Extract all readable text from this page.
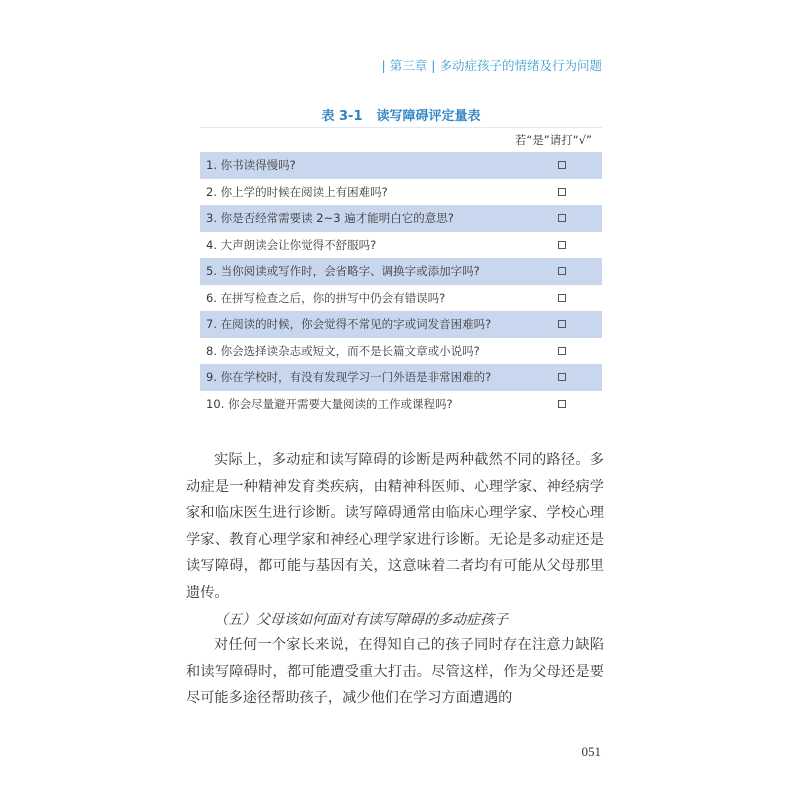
| 第三章 | 多动症孩子的情绪及行为问题
表 3-1 读写障碍评定量表
若“是”请打“√”
1. 你书读得慢吗?
2. 你上学的时候在阅读上有困难吗?
3. 你是否经常需要读 2~3 遍才能明白它的意思?
4. 大声朗读会让你觉得不舒服吗?
5. 当你阅读或写作时，会省略字、调换字或添加字吗?
6. 在拼写检查之后，你的拼写中仍会有错误吗?
7. 在阅读的时候，你会觉得不常见的字或词发音困难吗?
8. 你会选择读杂志或短文，而不是长篇文章或小说吗?
9. 你在学校时，有没有发现学习一门外语是非常困难的?
10. 你会尽量避开需要大量阅读的工作或课程吗?

实际上，多动症和读写障碍的诊断是两种截然不同的路径。多动症是一种精神发育类疾病，由精神科医师、心理学家、神经病学家和临床医生进行诊断。读写障碍通常由临床心理学家、学校心理学家、教育心理学家和神经心理学家进行诊断。无论是多动症还是读写障碍，都可能与基因有关，这意味着二者均有可能从父母那里遗传。

（五）父母该如何面对有读写障碍的多动症孩子

对任何一个家长来说，在得知自己的孩子同时存在注意力缺陷和读写障碍时，都可能遭受重大打击。尽管这样，作为父母还是要尽可能多途径帮助孩子，减少他们在学习方面遭遇的

051
